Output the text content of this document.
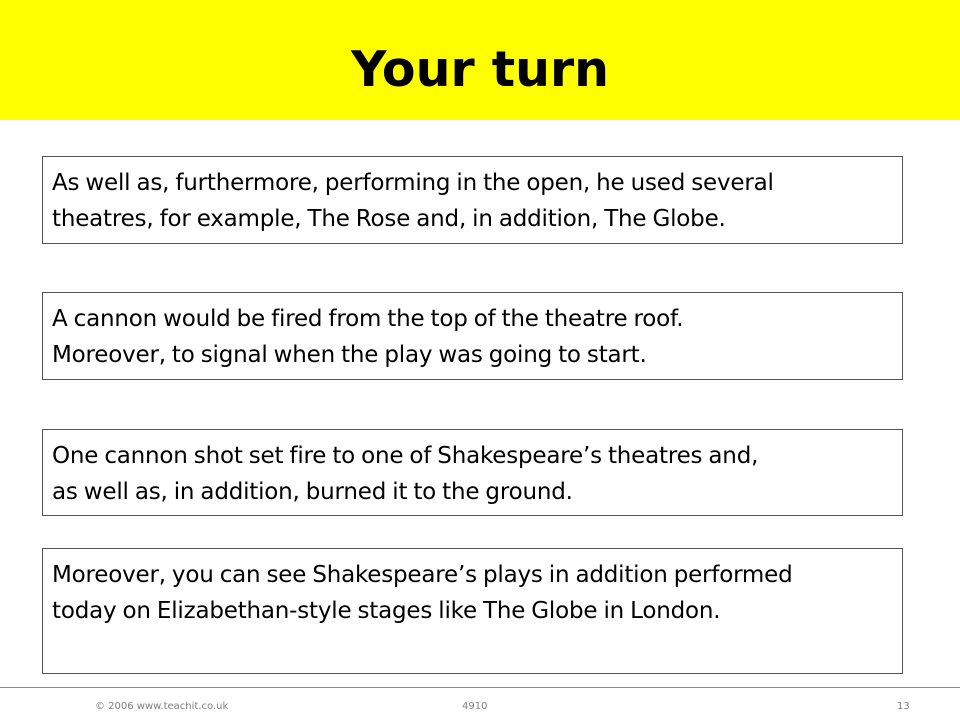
Your turn
As well as, furthermore, performing in the open, he used several
theatres, for example, The Rose and, in addition, The Globe.
A cannon would be fired from the top of the theatre roof.
Moreover, to signal when the play was going to start.
One cannon shot set fire to one of Shakespeare’s theatres and,
as well as, in addition, burned it to the ground.
Moreover, you can see Shakespeare’s plays in addition performed
today on Elizabethan-style stages like The Globe in London.
© 2006 www.teachit.co.uk	4910	13
